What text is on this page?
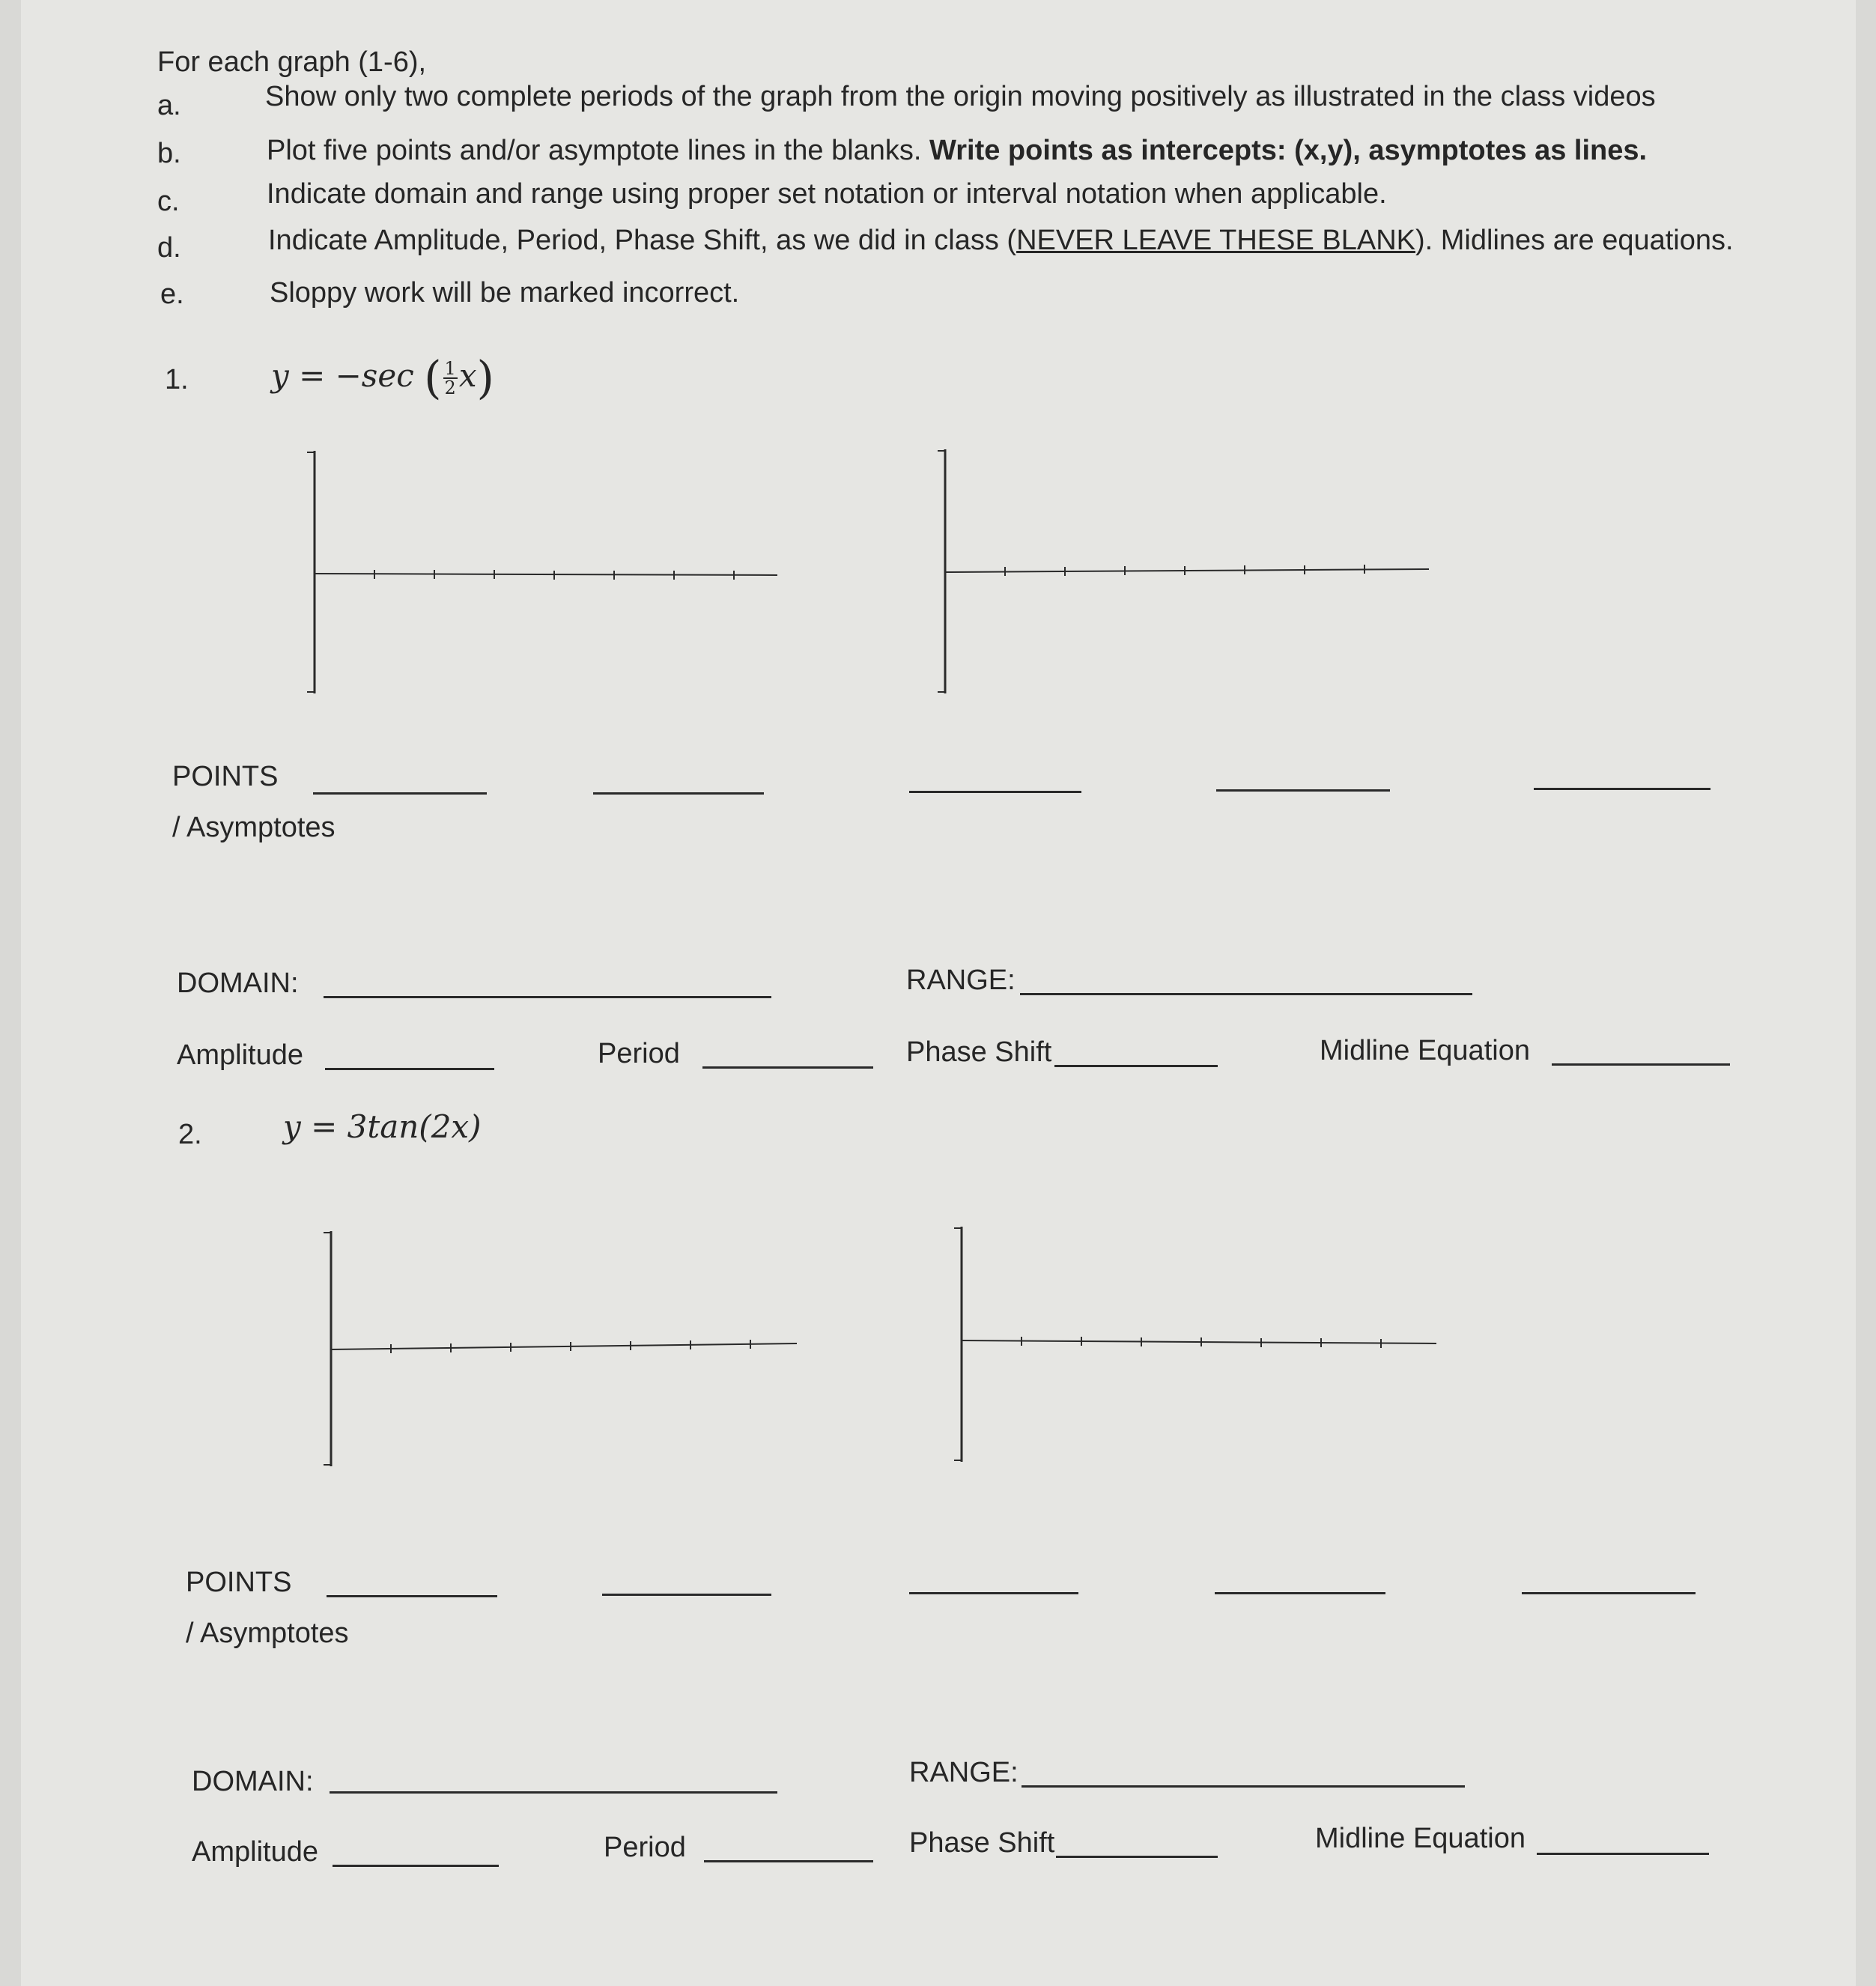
For each graph (1-6),
a.	Show only two complete periods of the graph from the origin moving positively as illustrated in the class videos
b.	Plot five points and/or asymptote lines in the blanks. Write points as intercepts: (x,y), asymptotes as lines.
c.	Indicate domain and range using proper set notation or interval notation when applicable.
d.	Indicate Amplitude, Period, Phase Shift, as we did in class (NEVER LEAVE THESE BLANK). Midlines are equations.
e.	Sloppy work will be marked incorrect.
1.	y = −sec ( $\frac{1}{2} x$)
POINTS
/ Asymptotes
DOMAIN:	RANGE:
Amplitude	Period	Phase Shift	Midline Equation
2.	y = 3tan(2x)
POINTS
/ Asymptotes
DOMAIN:	RANGE:
Amplitude	Period	Phase Shift	Midline Equation
